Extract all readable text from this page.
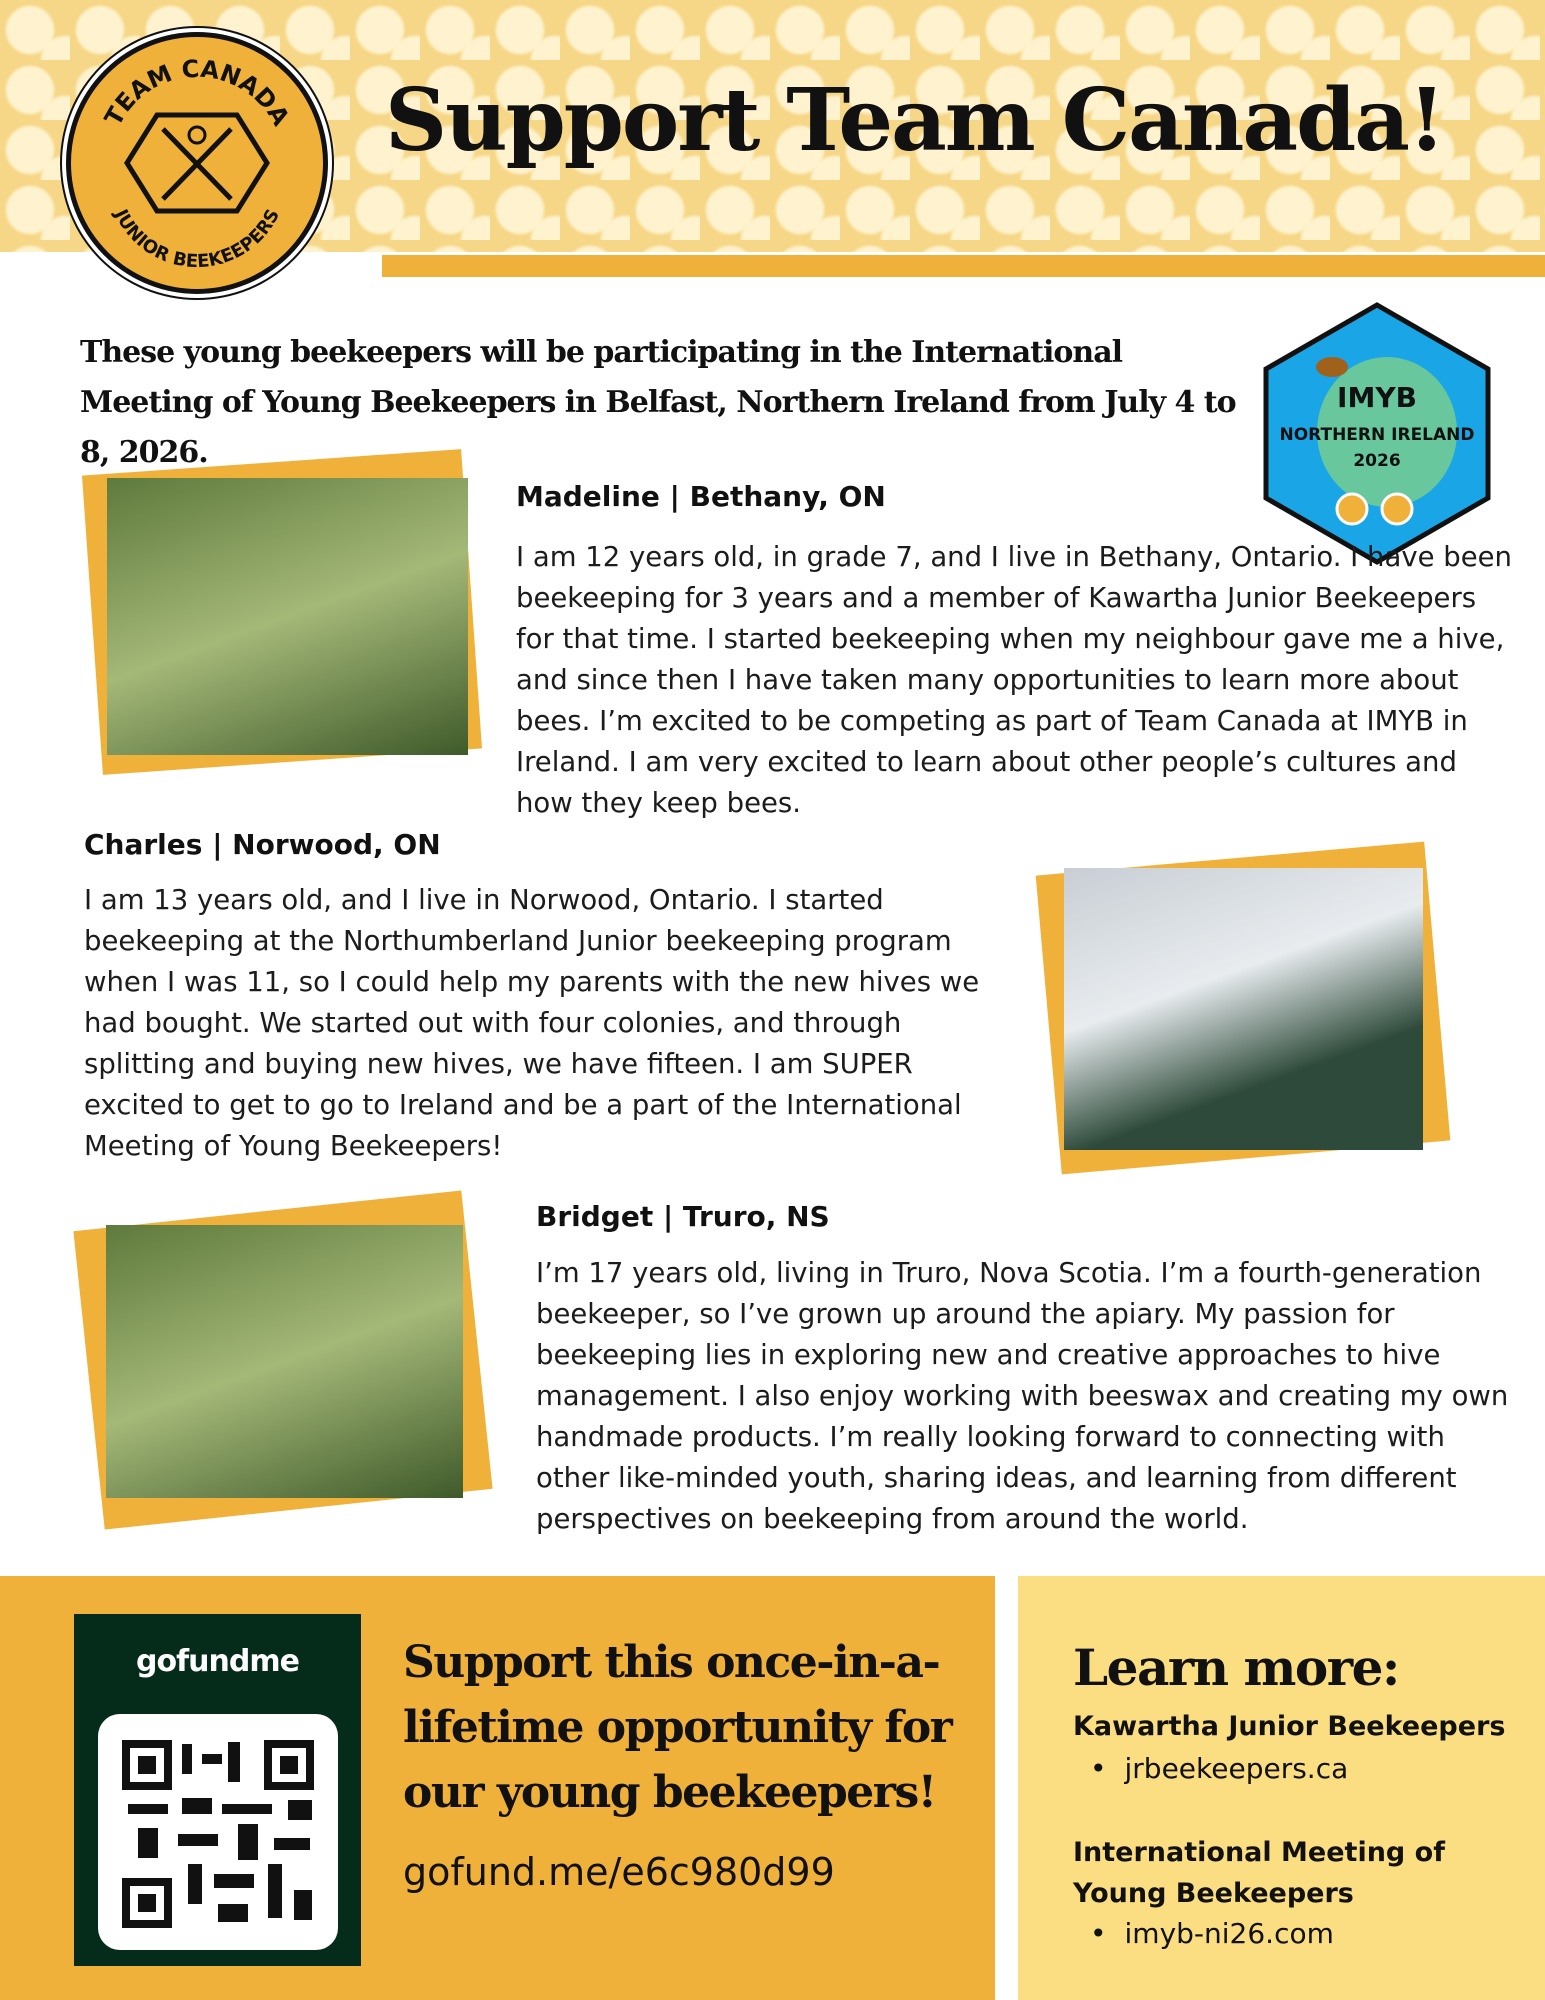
TEAM CANADA
JUNIOR BEEKEEPERS
Support Team Canada!
These young beekeepers will be participating in the International Meeting of Young Beekeepers in Belfast, Northern Ireland from July 4 to 8, 2026.
IMYB
NORTHERN IRELAND
2026
Madeline | Bethany, ON
I am 12 years old, in grade 7, and I live in Bethany, Ontario. I have been beekeeping for 3 years and a member of Kawartha Junior Beekeepers for that time. I started beekeeping when my neighbour gave me a hive, and since then I have taken many opportunities to learn more about bees. I’m excited to be competing as part of Team Canada at IMYB in Ireland. I am very excited to learn about other people’s cultures and how they keep bees.
Charles | Norwood, ON
I am 13 years old, and I live in Norwood, Ontario. I started beekeeping at the Northumberland Junior beekeeping program when I was 11, so I could help my parents with the new hives we had bought. We started out with four colonies, and through splitting and buying new hives, we have fifteen. I am SUPER excited to get to go to Ireland and be a part of the International Meeting of Young Beekeepers!
Bridget | Truro, NS
I’m 17 years old, living in Truro, Nova Scotia. I’m a fourth-generation beekeeper, so I’ve grown up around the apiary. My passion for beekeeping lies in exploring new and creative approaches to hive management. I also enjoy working with beeswax and creating my own handmade products. I’m really looking forward to connecting with other like-minded youth, sharing ideas, and learning from different perspectives on beekeeping from around the world.
gofundme	Support this once-in-a-lifetime opportunity for our young beekeepers!
gofund.me/e6c980d99
Learn more:
Kawartha Junior Beekeepers
• jrbeekeepers.ca
International Meeting of Young Beekeepers
• imyb-ni26.com
